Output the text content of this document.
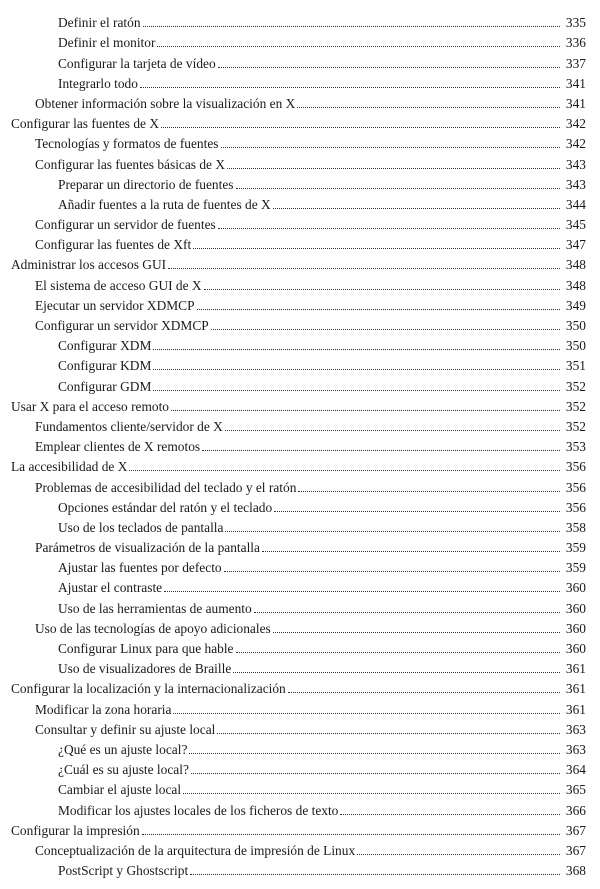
Definir el ratón	335
Definir el monitor	336
Configurar la tarjeta de vídeo	337
Integrarlo todo	341
Obtener información sobre la visualización en X	341
Configurar las fuentes de X	342
Tecnologías y formatos de fuentes	342
Configurar las fuentes básicas de X	343
Preparar un directorio de fuentes	343
Añadir fuentes a la ruta de fuentes de X	344
Configurar un servidor de fuentes	345
Configurar las fuentes de Xft	347
Administrar los accesos GUI	348
El sistema de acceso GUI de X	348
Ejecutar un servidor XDMCP	349
Configurar un servidor XDMCP	350
Configurar XDM	350
Configurar KDM	351
Configurar GDM	352
Usar X para el acceso remoto	352
Fundamentos cliente/servidor de X	352
Emplear clientes de X remotos	353
La accesibilidad de X	356
Problemas de accesibilidad del teclado y el ratón	356
Opciones estándar del ratón y el teclado	356
Uso de los teclados de pantalla	358
Parámetros de visualización de la pantalla	359
Ajustar las fuentes por defecto	359
Ajustar el contraste	360
Uso de las herramientas de aumento	360
Uso de las tecnologías de apoyo adicionales	360
Configurar Linux para que hable	360
Uso de visualizadores de Braille	361
Configurar la localización y la internacionalización	361
Modificar la zona horaria	361
Consultar y definir su ajuste local	363
¿Qué es un ajuste local?	363
¿Cuál es su ajuste local?	364
Cambiar el ajuste local	365
Modificar los ajustes locales de los ficheros de texto	366
Configurar la impresión	367
Conceptualización de la arquitectura de impresión de Linux	367
PostScript y Ghostscript	368
